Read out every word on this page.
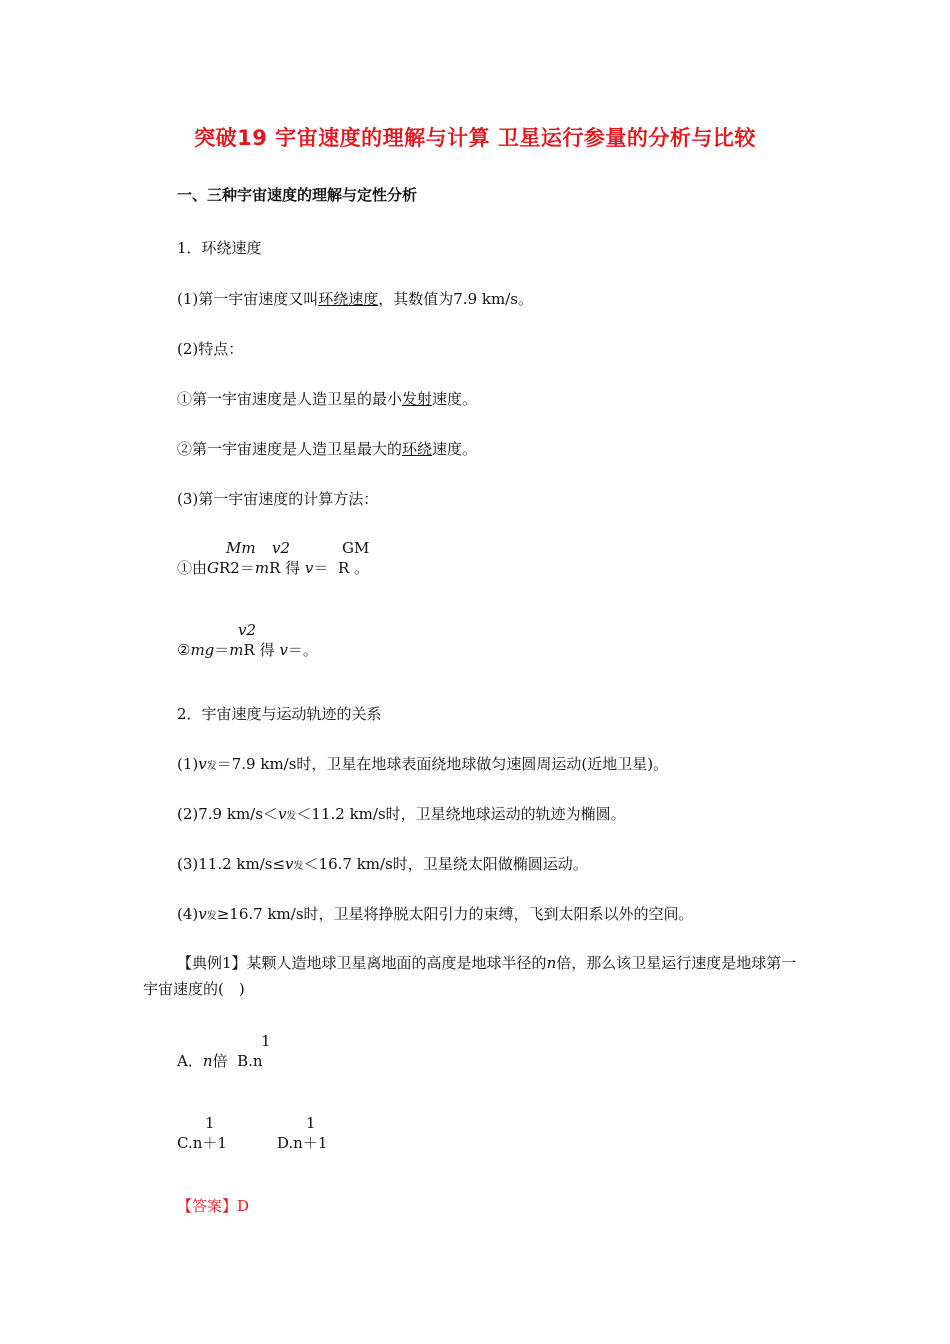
突破19 宇宙速度的理解与计算 卫星运行参量的分析与比较
一、三种宇宙速度的理解与定性分析
1．环绕速度
(1)第一宇宙速度又叫环绕速度，其数值为7.9 km/s。
(2)特点：
①第一宇宙速度是人造卫星的最小发射速度。
②第一宇宙速度是人造卫星最大的环绕速度。
(3)第一宇宙速度的计算方法：
Mm v2	GM
①由GR2＝mR 得 v＝ R 。
v2
②mg＝mR 得 v＝。
2．宇宙速度与运动轨迹的关系
(1)v发＝7.9 km/s时，卫星在地球表面绕地球做匀速圆周运动(近地卫星)。
(2)7.9 km/s＜v发＜11.2 km/s时，卫星绕地球运动的轨迹为椭圆。
(3)11.2 km/s≤v发＜16.7 km/s时，卫星绕太阳做椭圆运动。
(4)v发≥16.7 km/s时，卫星将挣脱太阳引力的束缚，飞到太阳系以外的空间。
【典例1】某颗人造地球卫星离地面的高度是地球半径的n倍，那么该卫星运行速度是地球第一宇宙速度的(　)
1
A．n倍 B.n
1	1
C.n＋1	D.n＋1
【答案】D
